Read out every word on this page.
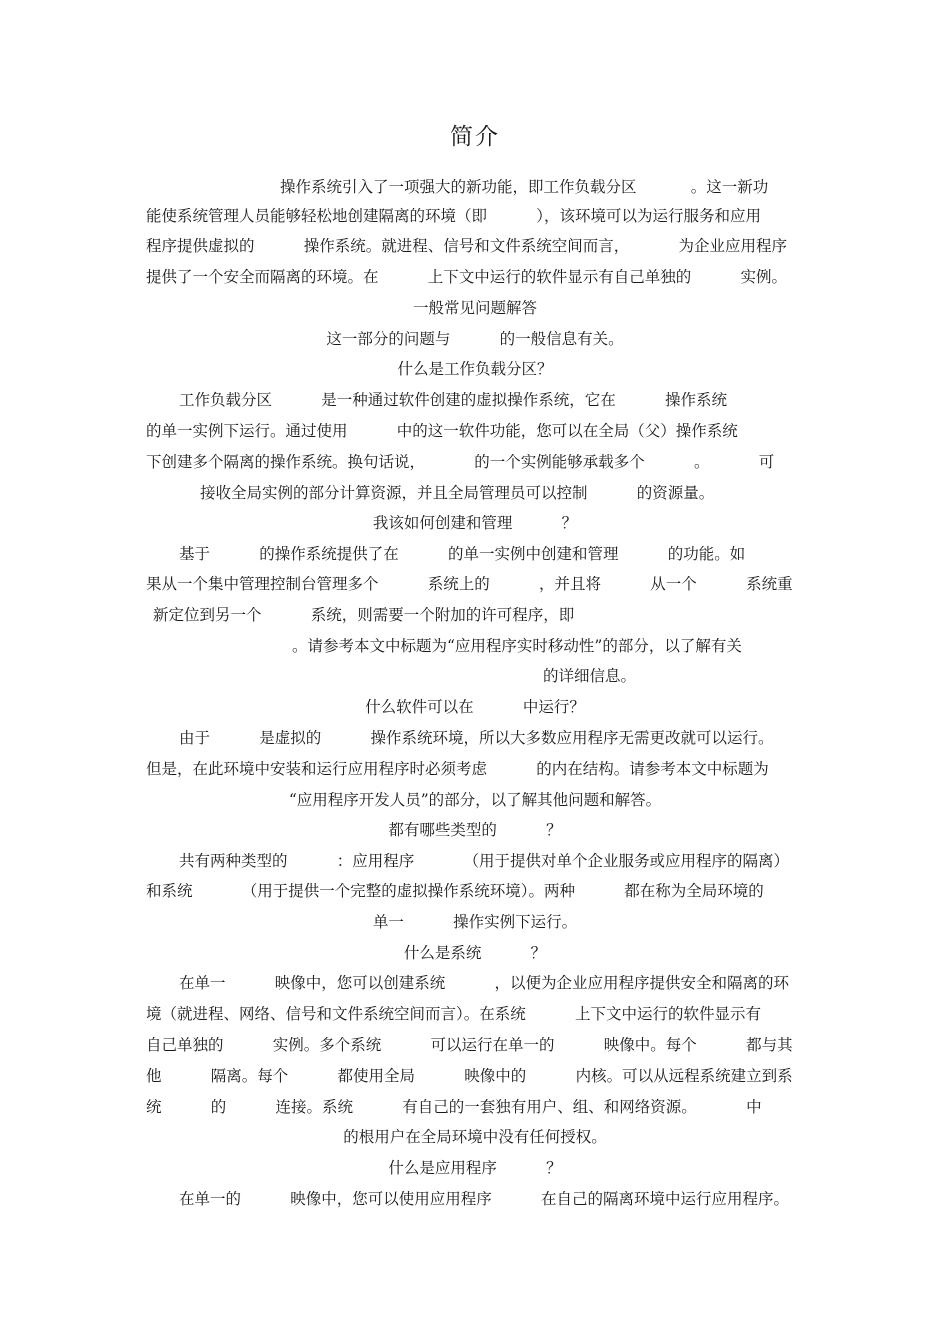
简介
操作系统引入了一项强大的新功能，即工作负载分区           。这一新功
能使系统管理人员能够轻松地创建隔离的环境（即          ），该环境可以为运行服务和应用
程序提供虚拟的          操作系统。就进程、信号和文件系统空间而言，          为企业应用程序
提供了一个安全而隔离的环境。在          上下文中运行的软件显示有自己单独的          实例。
一般常见问题解答
这一部分的问题与          的一般信息有关。
什么是工作负载分区？
工作负载分区          是一种通过软件创建的虚拟操作系统，它在          操作系统
的单一实例下运行。通过使用          中的这一软件功能，您可以在全局（父）操作系统
下创建多个隔离的操作系统。换句话说，          的一个实例能够承载多个          。          可
接收全局实例的部分计算资源，并且全局管理员可以控制          的资源量。
我该如何创建和管理          ？
基于          的操作系统提供了在          的单一实例中创建和管理          的功能。如
果从一个集中管理控制台管理多个          系统上的          ，并且将          从一个          系统重
新定位到另一个          系统，则需要一个附加的许可程序，即
。请参考本文中标题为“应用程序实时移动性”的部分，以了解有关
的详细信息。
什么软件可以在          中运行？
由于          是虚拟的          操作系统环境，所以大多数应用程序无需更改就可以运行。
但是，在此环境中安装和运行应用程序时必须考虑          的内在结构。请参考本文中标题为
“应用程序开发人员”的部分，以了解其他问题和解答。
都有哪些类型的          ？
共有两种类型的          ：应用程序          （用于提供对单个企业服务或应用程序的隔离）
和系统          （用于提供一个完整的虚拟操作系统环境）。两种          都在称为全局环境的
单一          操作实例下运行。
什么是系统          ？
在单一          映像中，您可以创建系统          ，以便为企业应用程序提供安全和隔离的环
境（就进程、网络、信号和文件系统空间而言）。在系统          上下文中运行的软件显示有
自己单独的          实例。多个系统          可以运行在单一的          映像中。每个          都与其
他          隔离。每个          都使用全局          映像中的          内核。可以从远程系统建立到系
统          的          连接。系统          有自己的一套独有用户、组、和网络资源。          中
的根用户在全局环境中没有任何授权。
什么是应用程序          ？
在单一的          映像中，您可以使用应用程序          在自己的隔离环境中运行应用程序。
